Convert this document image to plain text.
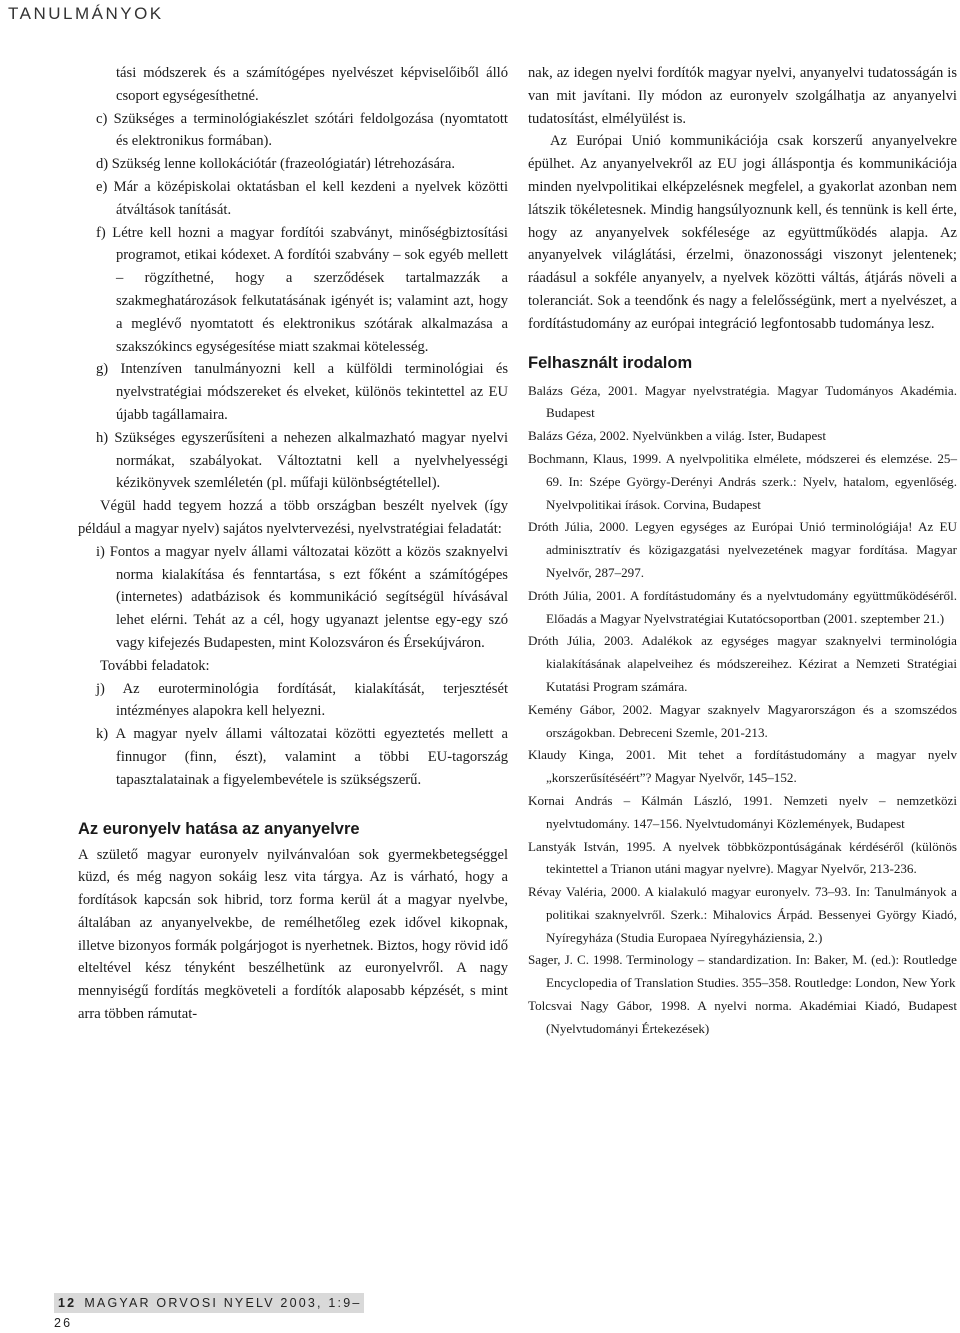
TANULMÁNYOK

tási módszerek és a számítógépes nyelvészet képviselőiből álló csoport egységesíthetné.

c) Szükséges a terminológiakészlet szótári feldolgozása (nyomtatott és elektronikus formában).

d) Szükség lenne kollokációtár (frazeológiatár) létrehozására.

e) Már a középiskolai oktatásban el kell kezdeni a nyelvek közötti átváltások tanítását.

f) Létre kell hozni a magyar fordítói szabványt, minőségbiztosítási programot, etikai kódexet. A fordítói szabvány – sok egyéb mellett – rögzíthetné, hogy a szerződések tartalmazzák a szakmeghatározások felkutatásának igényét is; valamint azt, hogy a meglévő nyomtatott és elektronikus szótárak alkalmazása a szakszókincs egységesítése miatt szakmai kötelesség.

g) Intenzíven tanulmányozni kell a külföldi terminológiai és nyelvstratégiai módszereket és elveket, különös tekintettel az EU újabb tagállamaira.

h) Szükséges egyszerűsíteni a nehezen alkalmazható magyar nyelvi normákat, szabályokat. Változtatni kell a nyelvhelyességi kézikönyvek szemléletén (pl. műfaji különbségtétellel).

Végül hadd tegyem hozzá a több országban beszélt nyelvek (így például a magyar nyelv) sajátos nyelvtervezési, nyelvstratégiai feladatát:

i) Fontos a magyar nyelv állami változatai között a közös szaknyelvi norma kialakítása és fenntartása, s ezt főként a számítógépes (internetes) adatbázisok és kommunikáció segítségül hívásával lehet elérni. Tehát az a cél, hogy ugyanazt jelentse egy-egy szó vagy kifejezés Budapesten, mint Kolozsváron és Érsekújváron.

További feladatok:

j) Az euroterminológia fordítását, kialakítását, terjesztését intézményes alapokra kell helyezni.

k) A magyar nyelv állami változatai közötti egyeztetés mellett a finnugor (finn, észt), valamint a többi EU-tagország tapasztalatainak a figyelembevétele is szükségszerű.

Az euronyelv hatása az anyanyelvre

A születő magyar euronyelv nyilvánvalóan sok gyermekbetegséggel küzd, és még nagyon sokáig lesz vita tárgya. Az is várható, hogy a fordítások kapcsán sok hibrid, torz forma kerül át a magyar nyelvbe, általában az anyanyelvekbe, de remélhetőleg ezek idővel kikopnak, illetve bizonyos formák polgárjogot is nyerhetnek. Biztos, hogy rövid idő elteltével kész tényként beszélhetünk az euronyelvről. A nagy mennyiségű fordítás megkövetelі a fordítók alaposabb képzését, s mint arra többen rámutat-

nak, az idegen nyelvi fordítók magyar nyelvi, anyanyelvi tudatosságán is van mit javítani. Ily módon az euronyelv szolgálhatja az anyanyelvi tudatosítást, elmélyülést is.

Az Európai Unió kommunikációja csak korszerű anyanyelvekre épülhet. Az anyanyelvekről az EU jogi álláspontja és kommunikációja minden nyelvpolitikai elképzelésnek megfelel, a gyakorlat azonban nem látszik tökéletesnek. Mindig hangsúlyoznunk kell, és tennünk is kell érte, hogy az anyanyelvek sokfélesége az együttműködés alapja. Az anyanyelvek világlátási, érzelmi, önazonossági viszonyt jelentenek; ráadásul a sokféle anyanyelv, a nyelvek közötti váltás, átjárás növeli a toleranciát. Sok a teendőnk és nagy a felelősségünk, mert a nyelvészet, a fordítástudomány az európai integráció legfontosabb tudománya lesz.

Felhasznált irodalom

Balázs Géza, 2001. Magyar nyelvstratégia. Magyar Tudományos Akadémia. Budapest

Balázs Géza, 2002. Nyelvünkben a világ. Ister, Budapest

Bochmann, Klaus, 1999. A nyelvpolitika elmélete, módszerei és elemzése. 25–69. In: Szépe György-Derényi András szerk.: Nyelv, hatalom, egyenlőség. Nyelvpolitikai írások. Corvina, Budapest

Dróth Júlia, 2000. Legyen egységes az Európai Unió terminológiája! Az EU adminisztratív és közigazgatási nyelvezetének magyar fordítása. Magyar Nyelvőr, 287–297.

Dróth Júlia, 2001. A fordítástudomány és a nyelvtudomány együttműködéséről. Előadás a Magyar Nyelvstratégiai Kutatócsoportban (2001. szeptember 21.)

Dróth Júlia, 2003. Adalékok az egységes magyar szaknyelvi terminológia kialakításának alapelveihez és módszereihez. Kézirat a Nemzeti Stratégiai Kutatási Program számára.

Kemény Gábor, 2002. Magyar szaknyelv Magyarországon és a szomszédos országokban. Debreceni Szemle, 201-213.

Klaudy Kinga, 2001. Mit tehet a fordítástudomány a magyar nyelv „korszerűsítéséért”? Magyar Nyelvőr, 145–152.

Kornai András – Kálmán László, 1991. Nemzeti nyelv – nemzetközi nyelvtudomány. 147–156. Nyelvtudományi Közlemények, Budapest

Lanstyák István, 1995. A nyelvek többközpontúságának kérdéséről (különös tekintettel a Trianon utáni magyar nyelvre). Magyar Nyelvőr, 213-236.

Révay Valéria, 2000. A kialakuló magyar euronyelv. 73–93. In: Tanulmányok a politikai szaknyelvről. Szerk.: Mihalovics Árpád. Bessenyei György Kiadó, Nyíregyháza (Studia Europaea Nyíregyháziensia, 2.)

Sager, J. C. 1998. Terminology – standardization. In: Baker, M. (ed.): Routledge Encyclopedia of Translation Studies. 355–358. Routledge: London, New York

Tolcsvai Nagy Gábor, 1998. A nyelvi norma. Akadémiai Kiadó, Budapest (Nyelvtudományi Értekezések)

12 MAGYAR ORVOSI NYELV 2003, 1:9–26
